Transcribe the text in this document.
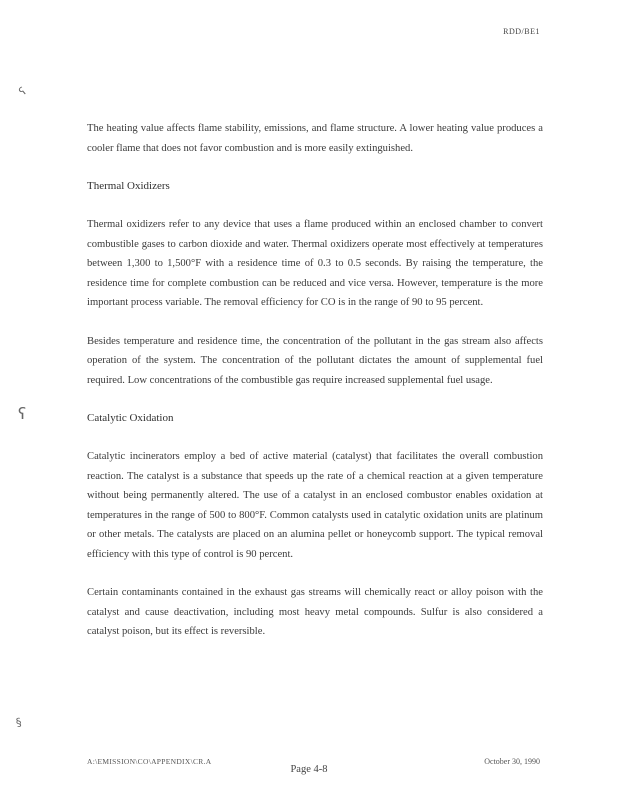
RDD/BE1
ʕ
ʕ
§

The heating value affects flame stability, emissions, and flame structure. A lower heating value produces a cooler flame that does not favor combustion and is more easily extinguished.

Thermal Oxidizers

Thermal oxidizers refer to any device that uses a flame produced within an enclosed chamber to convert combustible gases to carbon dioxide and water. Thermal oxidizers operate most effectively at temperatures between 1,300 to 1,500°F with a residence time of 0.3 to 0.5 seconds. By raising the temperature, the residence time for complete combustion can be reduced and vice versa. However, temperature is the more important process variable. The removal efficiency for CO is in the range of 90 to 95 percent.

Besides temperature and residence time, the concentration of the pollutant in the gas stream also affects operation of the system. The concentration of the pollutant dictates the amount of supplemental fuel required. Low concentrations of the combustible gas require increased supplemental fuel usage.

Catalytic Oxidation

Catalytic incinerators employ a bed of active material (catalyst) that facilitates the overall combustion reaction. The catalyst is a substance that speeds up the rate of a chemical reaction at a given temperature without being permanently altered. The use of a catalyst in an enclosed combustor enables oxidation at temperatures in the range of 500 to 800°F. Common catalysts used in catalytic oxidation units are platinum or other metals. The catalysts are placed on an alumina pellet or honeycomb support. The typical removal efficiency with this type of control is 90 percent.

Certain contaminants contained in the exhaust gas streams will chemically react or alloy poison with the catalyst and cause deactivation, including most heavy metal compounds. Sulfur is also considered a catalyst poison, but its effect is reversible.

A:\EMISSION\CO\APPENDIX\CR.A	October 30, 1990
Page 4-8
